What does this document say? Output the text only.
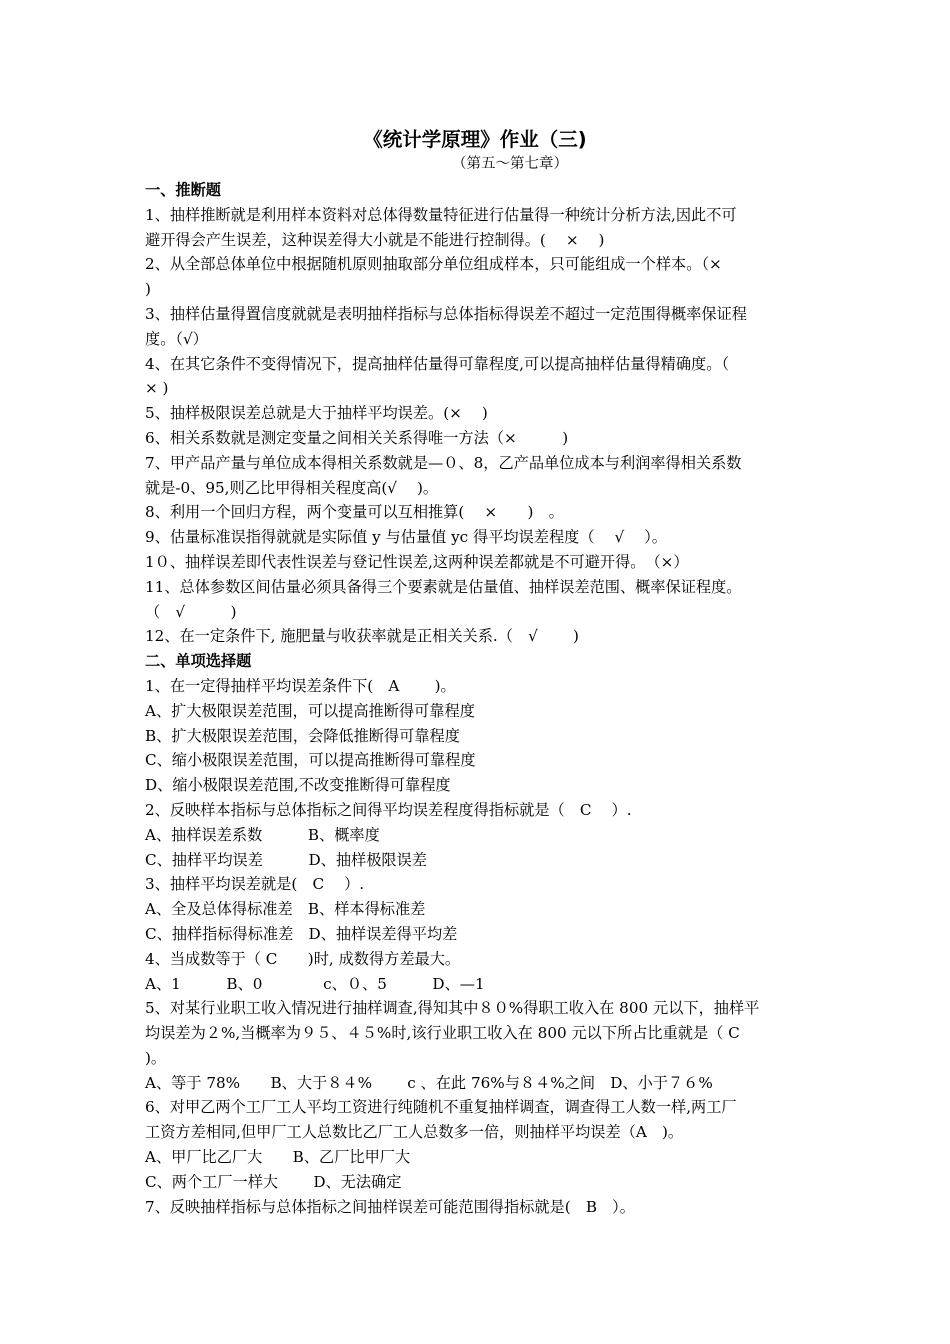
《统计学原理》作业（三)
（第五～第七章）
一、推断题
1、抽样推断就是利用样本资料对总体得数量特征进行估量得一种统计分析方法,因此不可
避开得会产生误差，这种误差得大小就是不能进行控制得。(　 ×　 )
2、从全部总体单位中根据随机原则抽取部分单位组成样本，只可能组成一个样本。（×
)
3、抽样估量得置信度就就是表明抽样指标与总体指标得误差不超过一定范围得概率保证程
度。（√）
4、在其它条件不变得情况下，提高抽样估量得可靠程度,可以提高抽样估量得精确度。（
× )
5、抽样极限误差总就是大于抽样平均误差。(×　 )
6、相关系数就是测定变量之间相关关系得唯一方法（×　　　)
7、甲产品产量与单位成本得相关系数就是—０、8，乙产品单位成本与利润率得相关系数
就是-0、95,则乙比甲得相关程度高(√　 )。
8、利用一个回归方程，两个变量可以互相推算(　 ×　　)　。
9、估量标准误指得就就是实际值 y 与估量值 yc 得平均误差程度（　 √　 ）。
1０、抽样误差即代表性误差与登记性误差,这两种误差都就是不可避开得。　（×）
11、总体参数区间估量必须具备得三个要素就是估量值、抽样误差范围、概率保证程度。
（　√　　　)
12、在一定条件下, 施肥量与收获率就是正相关关系.（　√　　 )
二、单项选择题
1、在一定得抽样平均误差条件下(　A　　 )。
A、扩大极限误差范围，可以提高推断得可靠程度
B、扩大极限误差范围，会降低推断得可靠程度
C、缩小极限误差范围，可以提高推断得可靠程度
D、缩小极限误差范围,不改变推断得可靠程度
2、反映样本指标与总体指标之间得平均误差程度得指标就是（　C　 ）.
A、抽样误差系数　　　B、概率度
C、抽样平均误差　　　D、抽样极限误差
3、抽样平均误差就是(　C　 ）.
A、全及总体得标准差　B、样本得标准差
C、抽样指标得标准差　D、抽样误差得平均差
4、当成数等于（ C　　)时, 成数得方差最大。
A、1　　　B、0　　　　c、０、5　　　D、—1
5、对某行业职工收入情况进行抽样调查,得知其中８０%得职工收入在 800 元以下，抽样平
均误差为２%,当概率为９５、４５%时,该行业职工收入在 800 元以下所占比重就是（ C
)。
A、等于 78%　　B、大于８４%　　 c 、在此 76%与８４%之间　D、小于７６%
6、对甲乙两个工厂工人平均工资进行纯随机不重复抽样调查，调查得工人数一样,两工厂
工资方差相同,但甲厂工人总数比乙厂工人总数多一倍，则抽样平均误差（A　)。
A、甲厂比乙厂大　　B、乙厂比甲厂大
C、两个工厂一样大　　 D、无法确定
7、反映抽样指标与总体指标之间抽样误差可能范围得指标就是(　B　）。
